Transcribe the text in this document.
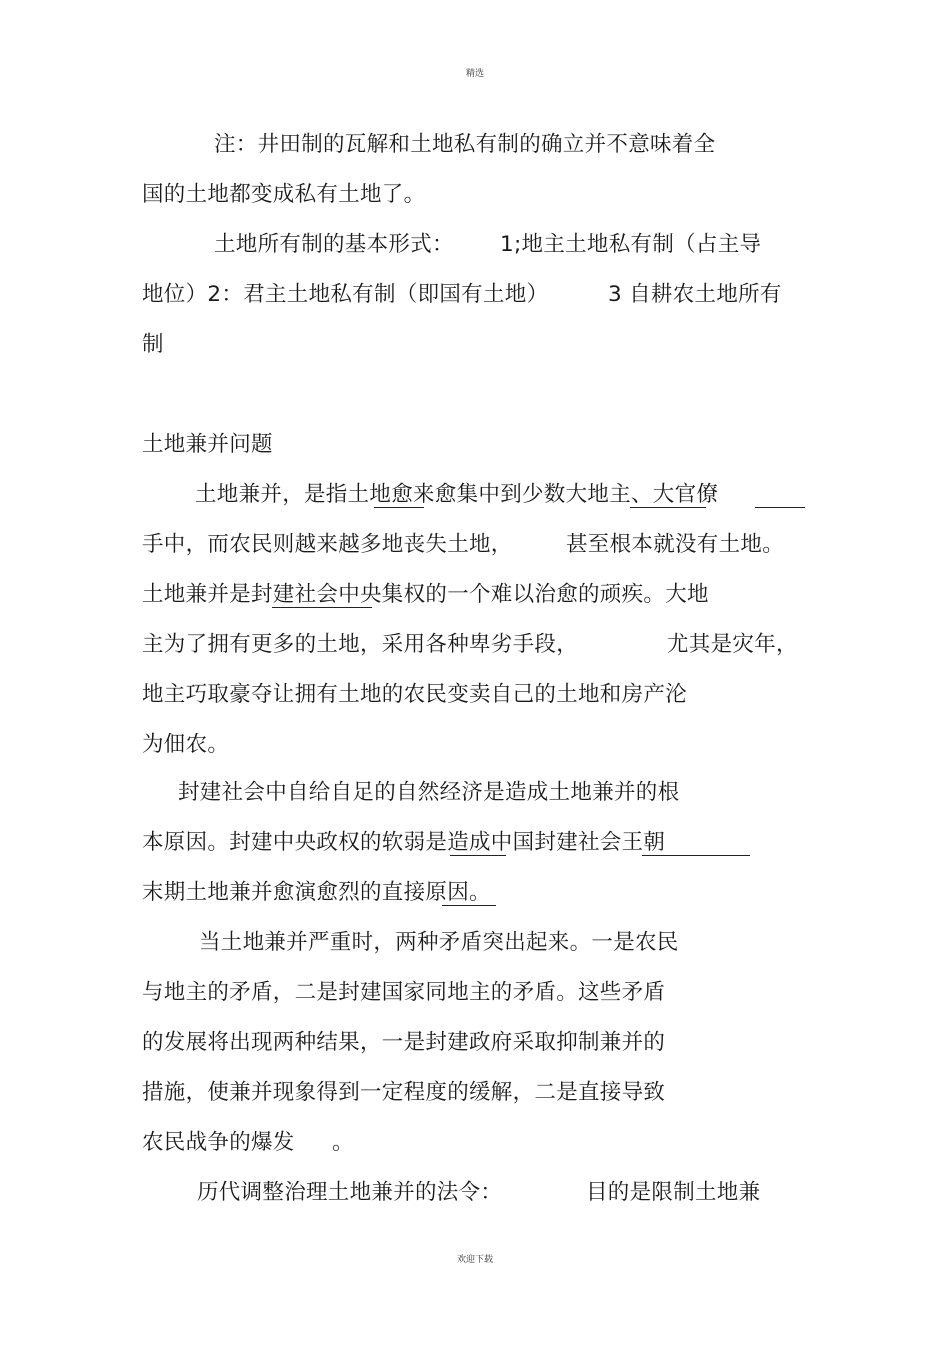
精选
注：井田制的瓦解和土地私有制的确立并不意味着全
国的土地都变成私有土地了。
土地所有制的基本形式： 1;地主土地私有制（占主导
地位）2：君主土地私有制（即国有土地）	3 自耕农土地所有
制
土地兼并问题
土地兼并，是指土地愈来愈集中到少数大地主、大官僚
手中，而农民则越来越多地丧失土地， 甚至根本就没有土地。
土地兼并是封建社会中央集权的一个难以治愈的顽疾。大地
主为了拥有更多的土地，采用各种卑劣手段，	尤其是灾年，
地主巧取豪夺让拥有土地的农民变卖自己的土地和房产沦
为佃农。
封建社会中自给自足的自然经济是造成土地兼并的根
本原因。封建中央政权的软弱是造成中国封建社会王朝
末期土地兼并愈演愈烈的直接原因。
当土地兼并严重时，两种矛盾突出起来。一是农民
与地主的矛盾，二是封建国家同地主的矛盾。这些矛盾
的发展将出现两种结果，一是封建政府采取抑制兼并的
措施，使兼并现象得到一定程度的缓解，二是直接导致
农民战争的爆发 。
历代调整治理土地兼并的法令：	目的是限制土地兼
欢迎下载
